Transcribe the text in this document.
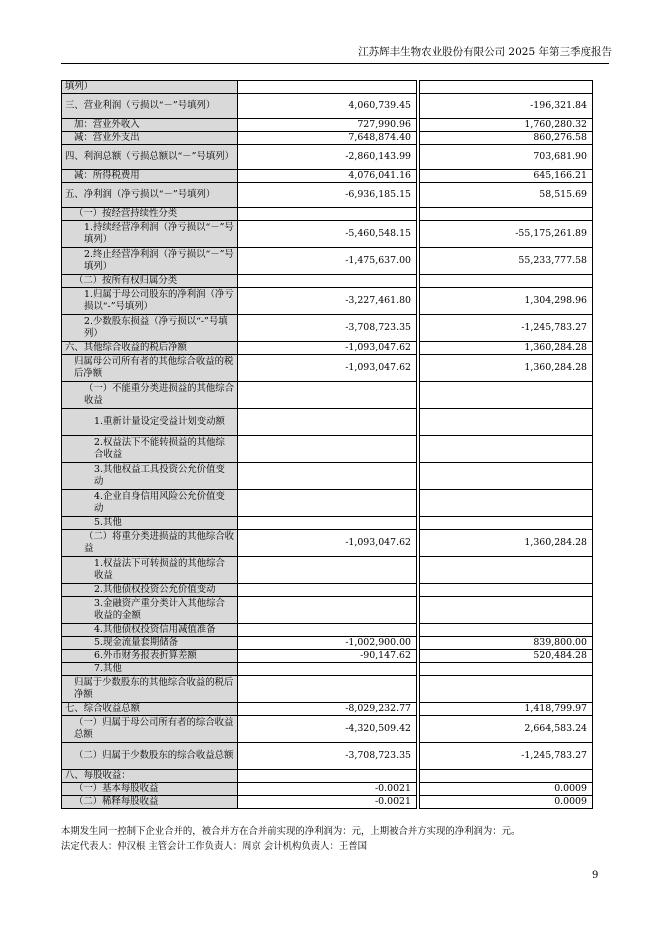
江苏辉丰生物农业股份有限公司 2025 年第三季度报告
填列）			
三、营业利润（亏损以“－”号填列）	4,060,739.45		-196,321.84
加：营业外收入	727,990.96		1,760,280.32
减：营业外支出	7,648,874.40		860,276.58
四、利润总额（亏损总额以“－”号填列）	-2,860,143.99		703,681.90
减：所得税费用	4,076,041.16		645,166.21
五、净利润（净亏损以“－”号填列）	-6,936,185.15		58,515.69
（一）按经营持续性分类			
1.持续经营净利润（净亏损以“－”号填列）	-5,460,548.15		-55,175,261.89
2.终止经营净利润（净亏损以“－”号填列）	-1,475,637.00		55,233,777.58
（二）按所有权归属分类			
1.归属于母公司股东的净利润（净亏损以“-”号填列）	-3,227,461.80		1,304,298.96
2.少数股东损益（净亏损以“-”号填列）	-3,708,723.35		-1,245,783.27
六、其他综合收益的税后净额	-1,093,047.62		1,360,284.28
归属母公司所有者的其他综合收益的税后净额	-1,093,047.62		1,360,284.28
（一）不能重分类进损益的其他综合收益			
1.重新计量设定受益计划变动额			
2.权益法下不能转损益的其他综合收益			
3.其他权益工具投资公允价值变动			
4.企业自身信用风险公允价值变动			
5.其他			
（二）将重分类进损益的其他综合收益	-1,093,047.62		1,360,284.28
1.权益法下可转损益的其他综合收益			
2.其他债权投资公允价值变动			
3.金融资产重分类计入其他综合收益的金额			
4.其他债权投资信用减值准备			
5.现金流量套期储备	-1,002,900.00		839,800.00
6.外币财务报表折算差额	-90,147.62		520,484.28
7.其他			
归属于少数股东的其他综合收益的税后净额			
七、综合收益总额	-8,029,232.77		1,418,799.97
（一）归属于母公司所有者的综合收益总额	-4,320,509.42		2,664,583.24
（二）归属于少数股东的综合收益总额	-3,708,723.35		-1,245,783.27
八、每股收益：			
（一）基本每股收益	-0.0021		0.0009
（二）稀释每股收益	-0.0021		0.0009
本期发生同一控制下企业合并的，被合并方在合并前实现的净利润为：元，上期被合并方实现的净利润为：元。
法定代表人：仲汉根 主管会计工作负责人：周京 会计机构负责人：王普国
9
